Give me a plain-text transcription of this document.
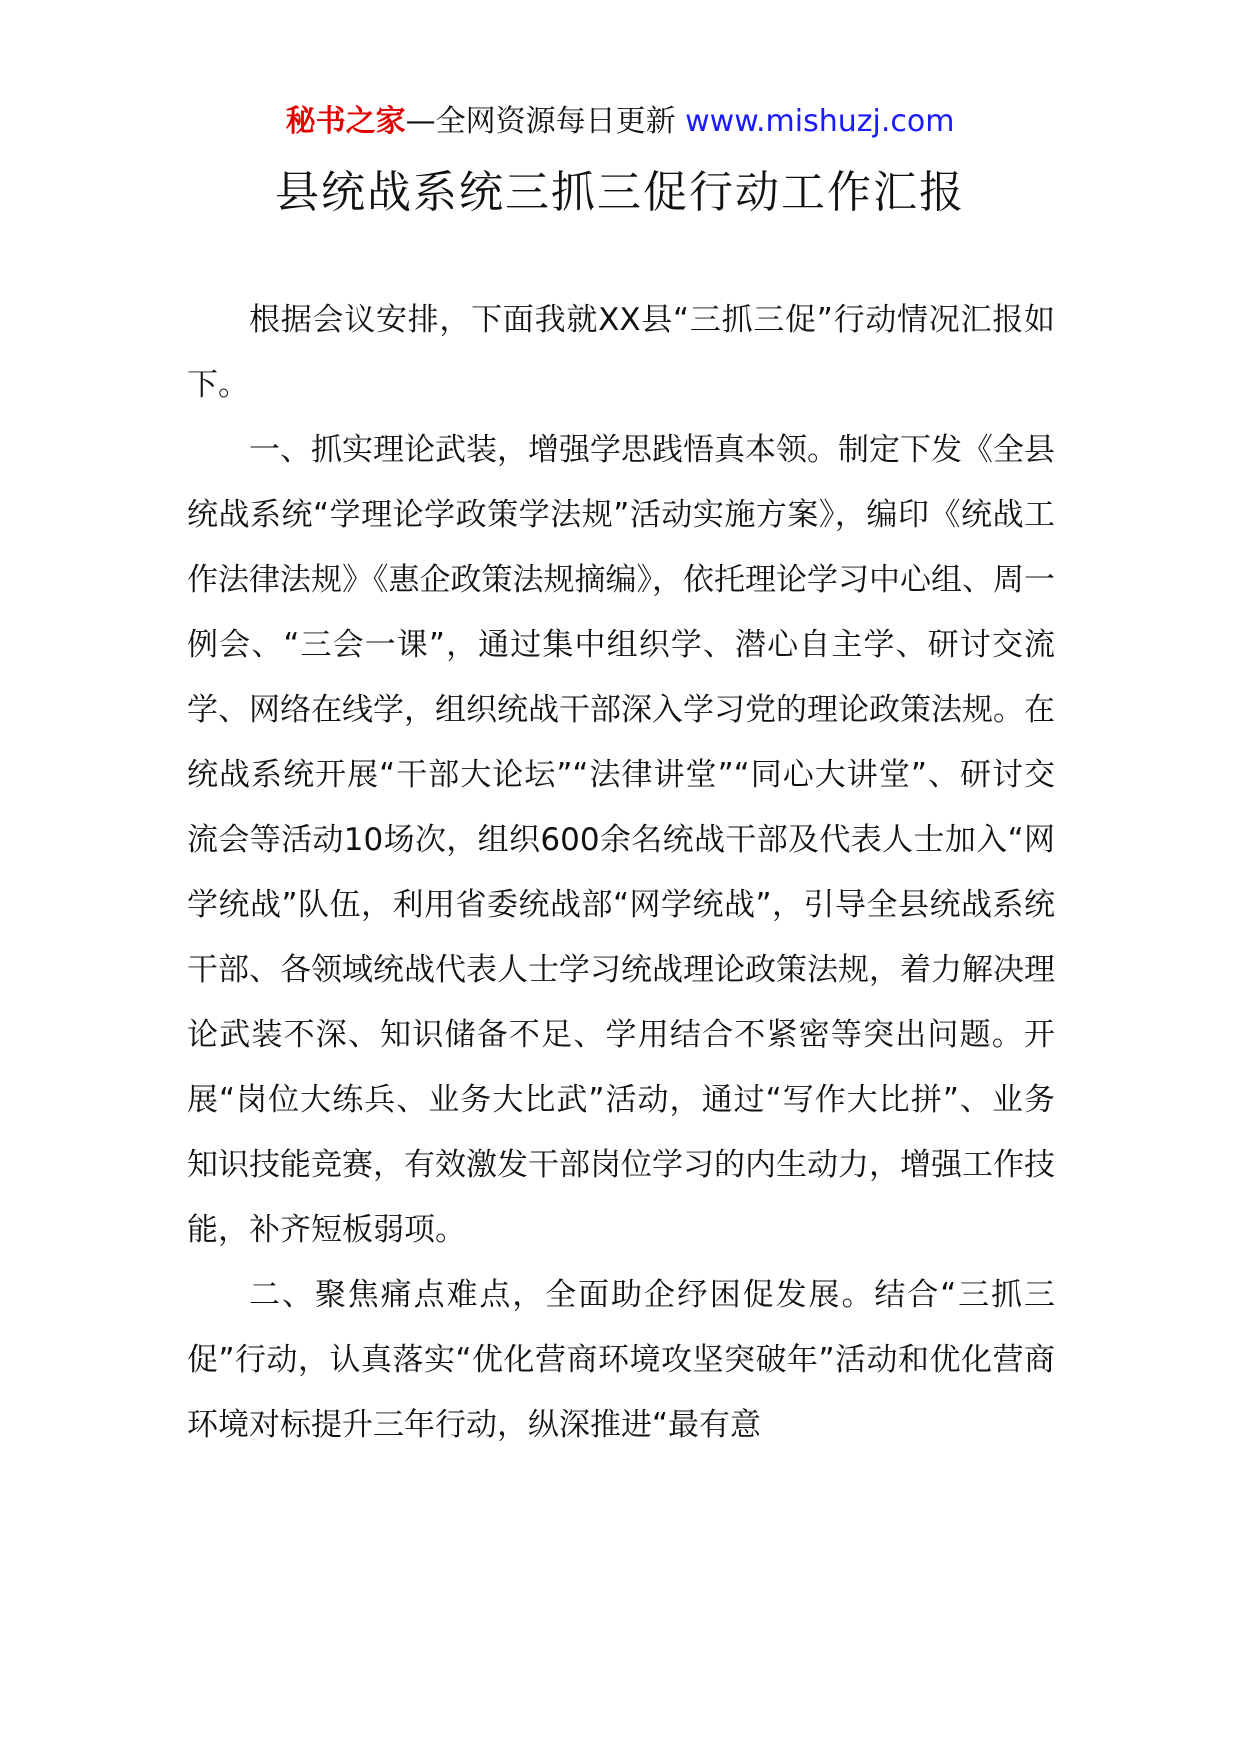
秘书之家—全网资源每日更新 www.mishuzj.com
县统战系统三抓三促行动工作汇报

根据会议安排，下面我就XX县“三抓三促”行动情况汇报如下。

一、抓实理论武装，增强学思践悟真本领。制定下发《全县统战系统“学理论学政策学法规”活动实施方案》，编印《统战工作法律法规》《惠企政策法规摘编》，依托理论学习中心组、周一例会、“三会一课”，通过集中组织学、潜心自主学、研讨交流学、网络在线学，组织统战干部深入学习党的理论政策法规。在统战系统开展“干部大论坛”“法律讲堂”“同心大讲堂”、研讨交流会等活动10场次，组织600余名统战干部及代表人士加入“网学统战”队伍，利用省委统战部“网学统战”，引导全县统战系统干部、各领域统战代表人士学习统战理论政策法规，着力解决理论武装不深、知识储备不足、学用结合不紧密等突出问题。开展“岗位大练兵、业务大比武”活动，通过“写作大比拼”、业务知识技能竞赛，有效激发干部岗位学习的内生动力，增强工作技能，补齐短板弱项。

二、聚焦痛点难点，全面助企纾困促发展。结合“三抓三促”行动，认真落实“优化营商环境攻坚突破年”活动和优化营商环境对标提升三年行动，纵深推进“最有意
